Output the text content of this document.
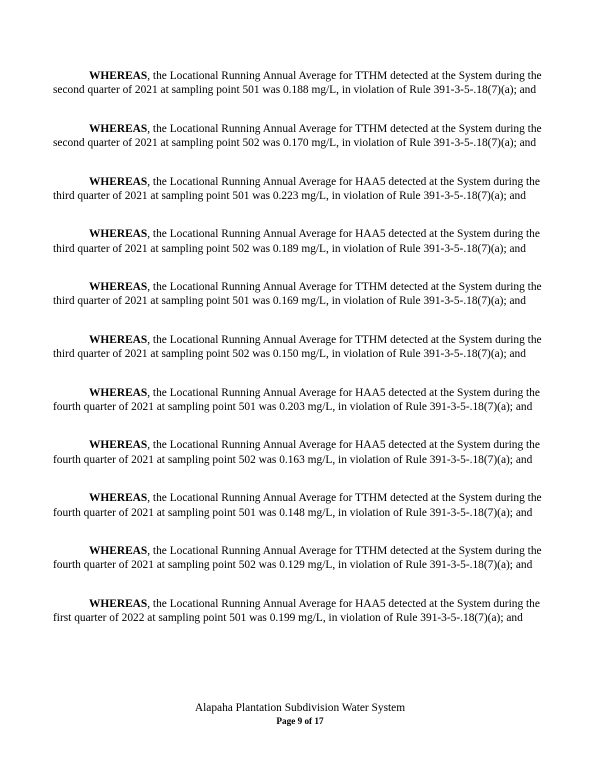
WHEREAS, the Locational Running Annual Average for TTHM detected at the System during the second quarter of 2021 at sampling point 501 was 0.188 mg/L, in violation of Rule 391-3-5-.18(7)(a); and

WHEREAS, the Locational Running Annual Average for TTHM detected at the System during the second quarter of 2021 at sampling point 502 was 0.170 mg/L, in violation of Rule 391-3-5-.18(7)(a); and

WHEREAS, the Locational Running Annual Average for HAA5 detected at the System during the third quarter of 2021 at sampling point 501 was 0.223 mg/L, in violation of Rule 391-3-5-.18(7)(a); and

WHEREAS, the Locational Running Annual Average for HAA5 detected at the System during the third quarter of 2021 at sampling point 502 was 0.189 mg/L, in violation of Rule 391-3-5-.18(7)(a); and

WHEREAS, the Locational Running Annual Average for TTHM detected at the System during the third quarter of 2021 at sampling point 501 was 0.169 mg/L, in violation of Rule 391-3-5-.18(7)(a); and

WHEREAS, the Locational Running Annual Average for TTHM detected at the System during the third quarter of 2021 at sampling point 502 was 0.150 mg/L, in violation of Rule 391-3-5-.18(7)(a); and

WHEREAS, the Locational Running Annual Average for HAA5 detected at the System during the fourth quarter of 2021 at sampling point 501 was 0.203 mg/L, in violation of Rule 391-3-5-.18(7)(a); and

WHEREAS, the Locational Running Annual Average for HAA5 detected at the System during the fourth quarter of 2021 at sampling point 502 was 0.163 mg/L, in violation of Rule 391-3-5-.18(7)(a); and

WHEREAS, the Locational Running Annual Average for TTHM detected at the System during the fourth quarter of 2021 at sampling point 501 was 0.148 mg/L, in violation of Rule 391-3-5-.18(7)(a); and

WHEREAS, the Locational Running Annual Average for TTHM detected at the System during the fourth quarter of 2021 at sampling point 502 was 0.129 mg/L, in violation of Rule 391-3-5-.18(7)(a); and

WHEREAS, the Locational Running Annual Average for HAA5 detected at the System during the first quarter of 2022 at sampling point 501 was 0.199 mg/L, in violation of Rule 391-3-5-.18(7)(a); and

Alapaha Plantation Subdivision Water System
Page 9 of 17
